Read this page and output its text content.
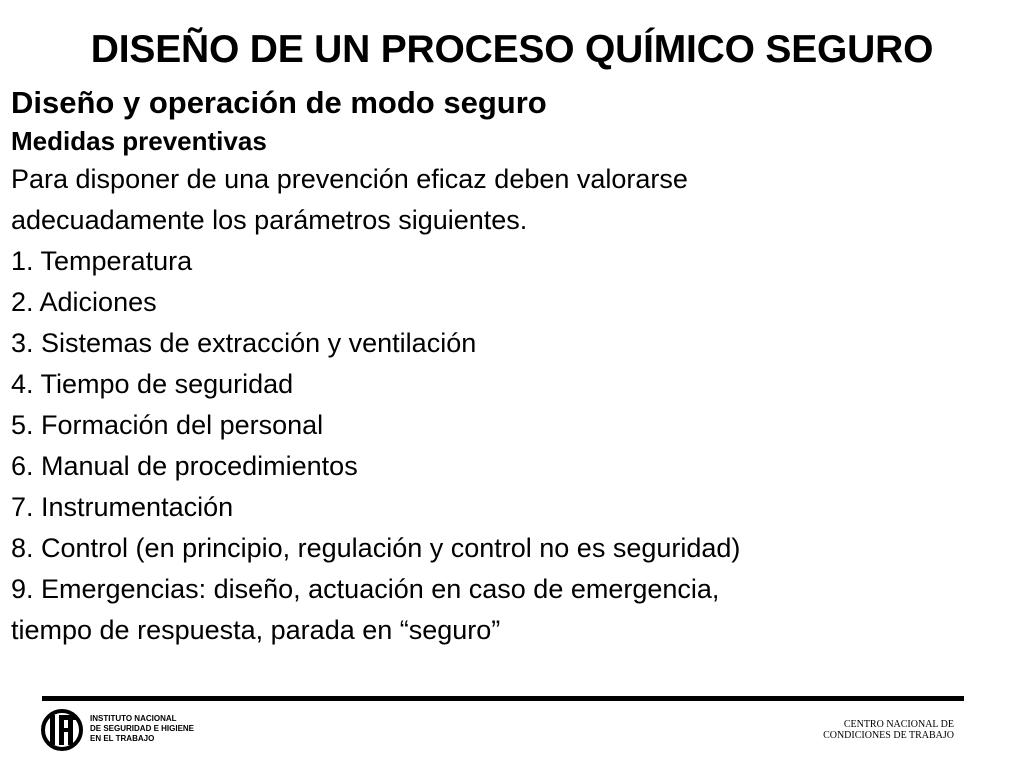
DISEÑO DE UN PROCESO QUÍMICO SEGURO
Diseño y operación de modo seguro
Medidas preventivas
Para disponer de una prevención eficaz deben valorarse
adecuadamente los parámetros siguientes.
1. Temperatura
2. Adiciones
3. Sistemas de extracción y ventilación
4. Tiempo de seguridad
5. Formación del personal
6. Manual de procedimientos
7. Instrumentación
8. Control (en principio, regulación y control no es seguridad)
9. Emergencias: diseño, actuación en caso de emergencia,
tiempo de respuesta, parada en “seguro”
INSTITUTO NACIONAL
DE SEGURIDAD E HIGIENE
EN EL TRABAJO
CENTRO NACIONAL DE
CONDICIONES DE TRABAJO
